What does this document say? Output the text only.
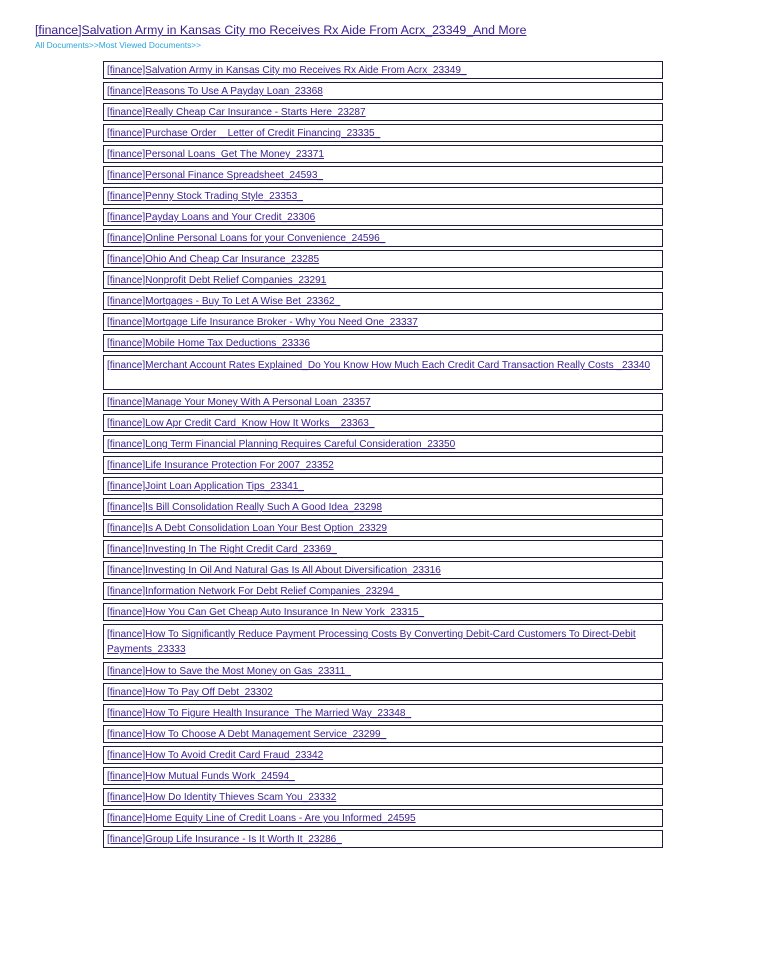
[finance]Salvation Army in Kansas City mo Receives Rx Aide From Acrx_23349_And More
All Documents>>Most Viewed Documents>>
[finance]Salvation Army in Kansas City mo Receives Rx Aide From Acrx_23349_
[finance]Reasons To Use A Payday Loan_23368
[finance]Really Cheap Car Insurance - Starts Here_23287
[finance]Purchase Order _ Letter of Credit Financing_23335_
[finance]Personal Loans_Get The Money_23371
[finance]Personal Finance Spreadsheet_24593_
[finance]Penny Stock Trading Style_23353_
[finance]Payday Loans and Your Credit_23306
[finance]Online Personal Loans for your Convenience_24596_
[finance]Ohio And Cheap Car Insurance_23285
[finance]Nonprofit Debt Relief Companies_23291
[finance]Mortgages - Buy To Let A Wise Bet_23362_
[finance]Mortgage Life Insurance Broker - Why You Need One_23337
[finance]Mobile Home Tax Deductions_23336
[finance]Merchant Account Rates Explained_Do You Know How Much Each Credit Card Transaction Really Costs _23340
[finance]Manage Your Money With A Personal Loan_23357
[finance]Low Apr Credit Card_Know How It Works__23363_
[finance]Long Term Financial Planning Requires Careful Consideration_23350
[finance]Life Insurance Protection For 2007_23352
[finance]Joint Loan Application Tips_23341_
[finance]Is Bill Consolidation Really Such A Good Idea_23298
[finance]Is A Debt Consolidation Loan Your Best Option_23329
[finance]Investing In The Right Credit Card_23369_
[finance]Investing In Oil And Natural Gas Is All About Diversification_23316
[finance]Information Network For Debt Relief Companies_23294_
[finance]How You Can Get Cheap Auto Insurance In New York_23315_
[finance]How To Significantly Reduce Payment Processing Costs By Converting Debit-Card Customers To Direct-Debit Payments_23333
[finance]How to Save the Most Money on Gas_23311_
[finance]How To Pay Off Debt_23302
[finance]How To Figure Health Insurance_The Married Way_23348_
[finance]How To Choose A Debt Management Service_23299_
[finance]How To Avoid Credit Card Fraud_23342
[finance]How Mutual Funds Work_24594_
[finance]How Do Identity Thieves Scam You_23332
[finance]Home Equity Line of Credit Loans - Are you Informed_24595
[finance]Group Life Insurance - Is It Worth It_23286_
